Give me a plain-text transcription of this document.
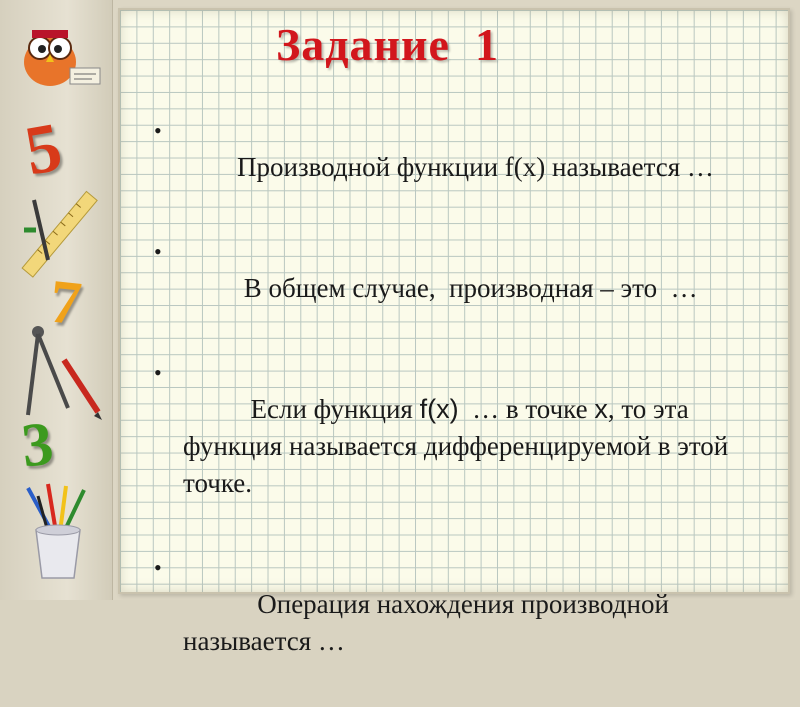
5
7
3
Задание  1

•
Производной функции f(x) называется …

•
В общем случае,  производная – это  …

•
Если функция f(x)  … в точке x, то эта функция называется дифференцируемой в этой точке.

•
Операция нахождения производной называется …
